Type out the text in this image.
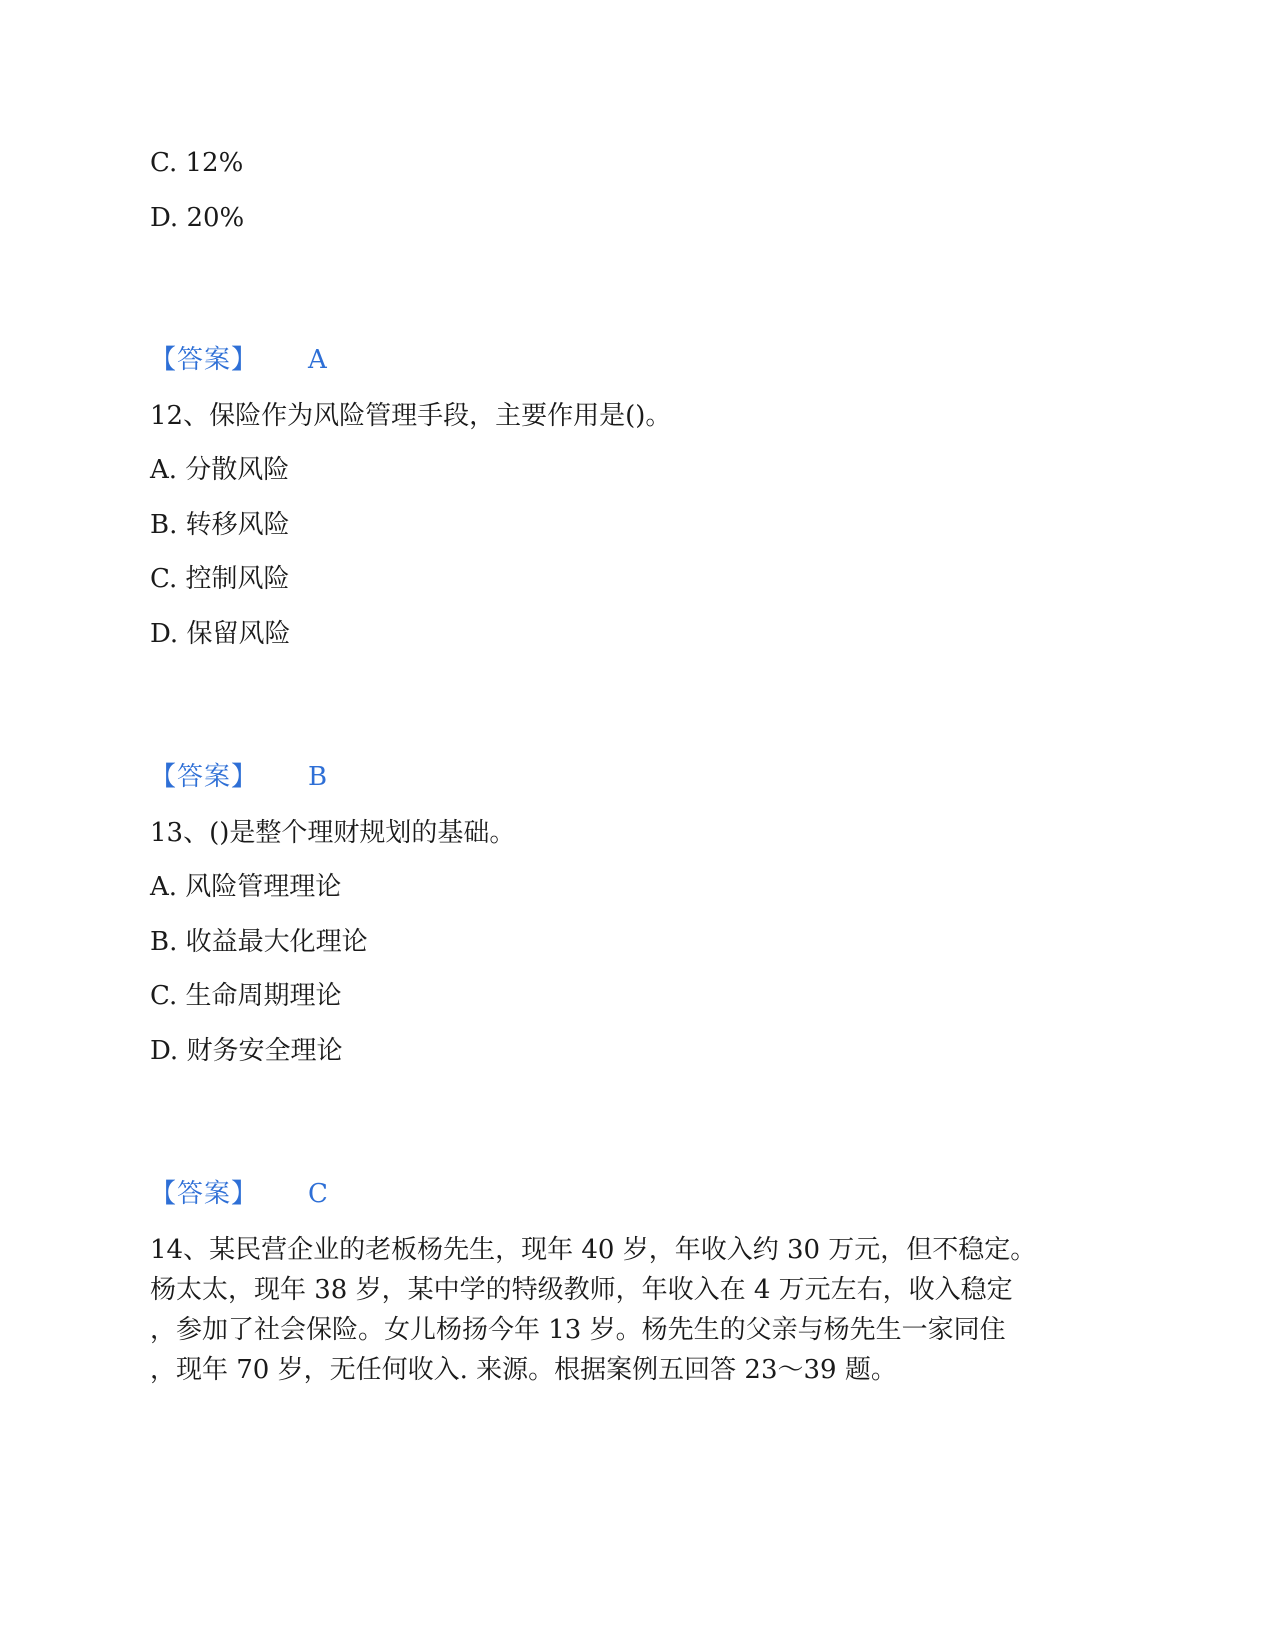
C. 12%
D. 20%
【答案】 A
12、保险作为风险管理手段，主要作用是()。
A. 分散风险
B. 转移风险
C. 控制风险
D. 保留风险
【答案】 B
13、()是整个理财规划的基础。
A. 风险管理理论
B. 收益最大化理论
C. 生命周期理论
D. 财务安全理论
【答案】 C
14、某民营企业的老板杨先生，现年 40 岁，年收入约 30 万元，但不稳定。
杨太太，现年 38 岁，某中学的特级教师，年收入在 4 万元左右，收入稳定
，参加了社会保险。女儿杨扬今年 13 岁。杨先生的父亲与杨先生一家同住
，现年 70 岁，无任何收入. 来源。根据案例五回答 23～39 题。
